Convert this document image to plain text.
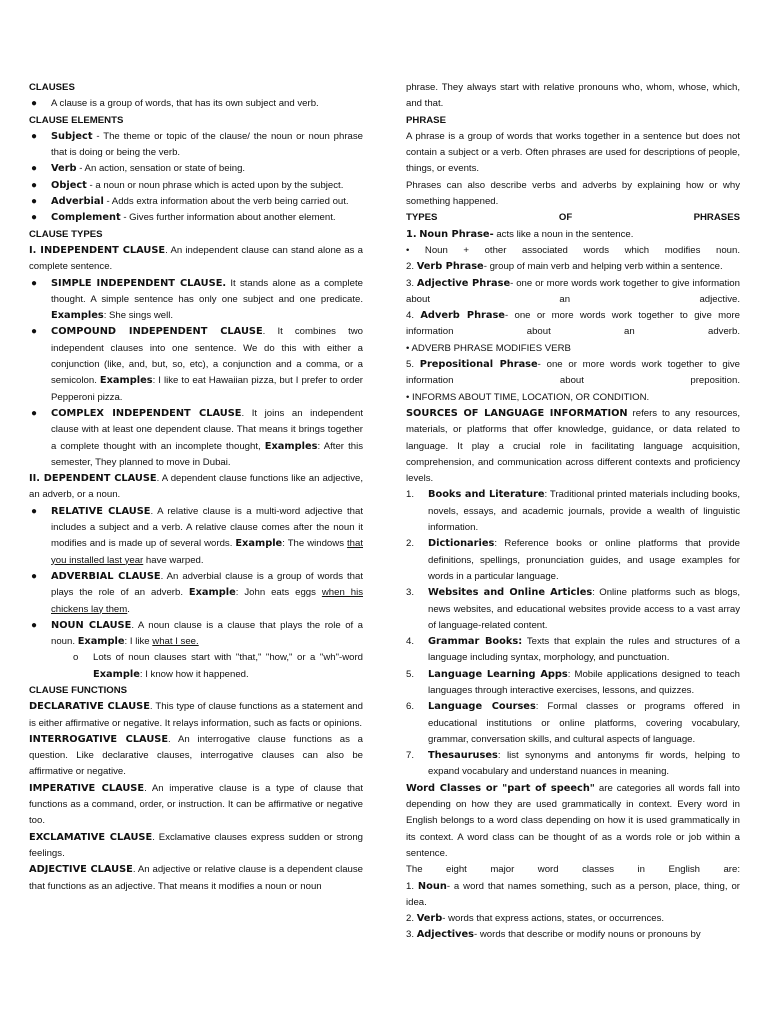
CLAUSES

● A clause is a group of words, that has its own subject and verb.

CLAUSE ELEMENTS

● Subject - The theme or topic of the clause/ the noun or noun phrase that is doing or being the verb.
● Verb - An action, sensation or state of being.
● Object - a noun or noun phrase which is acted upon by the subject.
● Adverbial - Adds extra information about the verb being carried out.
● Complement - Gives further information about another element.

CLAUSE TYPES

I. INDEPENDENT CLAUSE. An independent clause can stand alone as a complete sentence.

● SIMPLE INDEPENDENT CLAUSE. It stands alone as a complete thought. A simple sentence has only one subject and one predicate. Examples: She sings well.
● COMPOUND INDEPENDENT CLAUSE. It combines two independent clauses into one sentence. We do this with either a conjunction (like, and, but, so, etc), a conjunction and a comma, or a semicolon. Examples: I like to eat Hawaiian pizza, but I prefer to order Pepperoni pizza.
● COMPLEX INDEPENDENT CLAUSE. It joins an independent clause with at least one dependent clause. That means it brings together a complete thought with an incomplete thought, Examples: After this semester, They planned to move in Dubai.

II. DEPENDENT CLAUSE. A dependent clause functions like an adjective, an adverb, or a noun.

● RELATIVE CLAUSE. A relative clause is a multi-word adjective that includes a subject and a verb. A relative clause comes after the noun it modifies and is made up of several words. Example: The windows that you installed last year have warped.
● ADVERBIAL CLAUSE. An adverbial clause is a group of words that plays the role of an adverb. Example: John eats eggs when his chickens lay them.
● NOUN CLAUSE. A noun clause is a clause that plays the role of a noun. Example: I like what I see.
o Lots of noun clauses start with "that," "how," or a "wh"-word Example: I know how it happened.

CLAUSE FUNCTIONS

DECLARATIVE CLAUSE. This type of clause functions as a statement and is either affirmative or negative. It relays information, such as facts or opinions.

INTERROGATIVE CLAUSE. An interrogative clause functions as a question. Like declarative clauses, interrogative clauses can also be affirmative or negative.

IMPERATIVE CLAUSE. An imperative clause is a type of clause that functions as a command, order, or instruction. It can be affirmative or negative too.

EXCLAMATIVE CLAUSE. Exclamative clauses express sudden or strong feelings.

ADJECTIVE CLAUSE. An adjective or relative clause is a dependent clause that functions as an adjective. That means it modifies a noun or noun

phrase. They always start with relative pronouns who, whom, whose, which, and that.

PHRASE

A phrase is a group of words that works together in a sentence but does not contain a subject or a verb. Often phrases are used for descriptions of people, things, or events.

Phrases can also describe verbs and adverbs by explaining how or why something happened.

TYPES OF PHRASES

1. Noun Phrase- acts like a noun in the sentence.

• Noun + other associated words which modifies noun.

2. Verb Phrase- group of main verb and helping verb within a sentence.

3. Adjective Phrase- one or more words work together to give information about an adjective.

4. Adverb Phrase- one or more words work together to give more information about an adverb.

• ADVERB PHRASE MODIFIES VERB

5. Prepositional Phrase- one or more words work together to give information about preposition.

• INFORMS ABOUT TIME, LOCATION, OR CONDITION.

SOURCES OF LANGUAGE INFORMATION refers to any resources, materials, or platforms that offer knowledge, guidance, or data related to language. It play a crucial role in facilitating language acquisition, comprehension, and communication across different contexts and proficiency levels.

1. Books and Literature: Traditional printed materials including books, novels, essays, and academic journals, provide a wealth of linguistic information.
2. Dictionaries: Reference books or online platforms that provide definitions, spellings, pronunciation guides, and usage examples for words in a particular language.
3. Websites and Online Articles: Online platforms such as blogs, news websites, and educational websites provide access to a vast array of language-related content.
4. Grammar Books: Texts that explain the rules and structures of a language including syntax, morphology, and punctuation.
5. Language Learning Apps: Mobile applications designed to teach languages through interactive exercises, lessons, and quizzes.
6. Language Courses: Formal classes or programs offered in educational institutions or online platforms, covering vocabulary, grammar, conversation skills, and cultural aspects of language.
7. Thesauruses: list synonyms and antonyms fir words, helping to expand vocabulary and understand nuances in meaning.

Word Classes or "part of speech" are categories all words fall into depending on how they are used grammatically in context. Every word in English belongs to a word class depending on how it is used grammatically in its context. A word class can be thought of as a words role or job within a sentence.

The eight major word classes in English are:

1. Noun- a word that names something, such as a person, place, thing, or idea.

2. Verb- words that express actions, states, or occurrences.

3. Adjectives- words that describe or modify nouns or pronouns by
